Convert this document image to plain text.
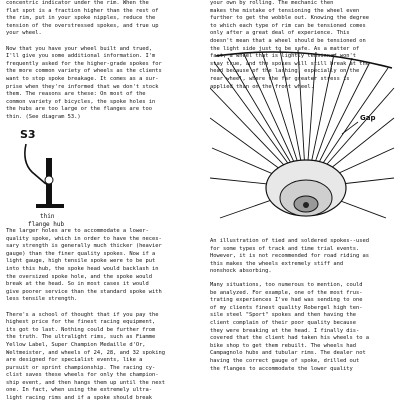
concentric indicator under the rim. When the
flat spot is a fraction higher than the rest of
the rim, put in your spoke nipples, reduce the
tension of the overstressed spokes, and true up
your wheel.
Now that you have your wheel built and trued,
I'll give you some additional information. I'm
frequently asked for the higher-grade spokes for
the more common variety of wheels as the clients
want to stop spoke breakage. It comes as a sur-
prise when they're informed that we don't stock
them. The reasons are these: On most of the
common variety of bicycles, the spoke holes in
the hubs are too large or the flanges are too
thin. (See diagram 53.)
S3
thin
flange hub
The larger holes are to accommodate a lower-
quality spoke, which in order to have the neces-
sary strength is generally much thicker (heavier
gauge) than the finer quality spokes. Now if a
light gauge, high tensile spoke were to be put
into this hub, the spoke head would backlash in
the oversized spoke hole, and the spoke would
break at the head. So in most cases it would
give poorer service than the standard spoke with
less tensile strength.
There's a school of thought that if you pay the
highest price for the finest racing equipment,
its got to last. Nothing could be further from
the truth. The ultralight rims, such as Fiamme
Yellow Label, Super Champion Medaille d'Or,
Weltmeister, and wheels of 24, 28, and 32 spoking
are designed for specialist events, like a
pursuit or sprint championship. The racing cy-
clist saves these wheels for only the champion-
ship event, and then hangs them up until the next
one. In fact, when using the extremely ultra-
light racing rims and if a spoke should break
your own by rolling. The mechanic then
makes the mistake of tensioning the wheel even
further to get the wobble out. Knowing the degree
to which each type of rim can be tensioned comes
only after a great deal of experience. This
doesn't mean that a wheel should be tensioned on
the light side just to be safe. As a matter of
fact, a wheel that is lightly tensioned won't
stay true, and the spokes will still break at the
head because of the lashing, especially on the
rear wheel, where the far greater stress is
applied than on the front wheel.
Gap
An illustration of tied and soldered spokes--used
for some types of track and time trial events.
However, it is not recommended for road riding as
this makes the wheels extremely stiff and
nonshock absorbing.
Many situations, too numerous to mention, could
be analyzed. For example, one of the most frus-
trating experiences I've had was sending to one
of my clients finest quality Robergel high ten-
sile steel "Sport" spokes and then having the
client complain of their poor quality because
they were breaking at the head. I finally dis-
covered that the client had taken his wheels to a
bike shop to get them rebuilt. The wheels had
Campagnolo hubs and tubular rims. The dealer not
having the correct gauge of spoke, drilled out
the flanges to accommodate the lower quality
